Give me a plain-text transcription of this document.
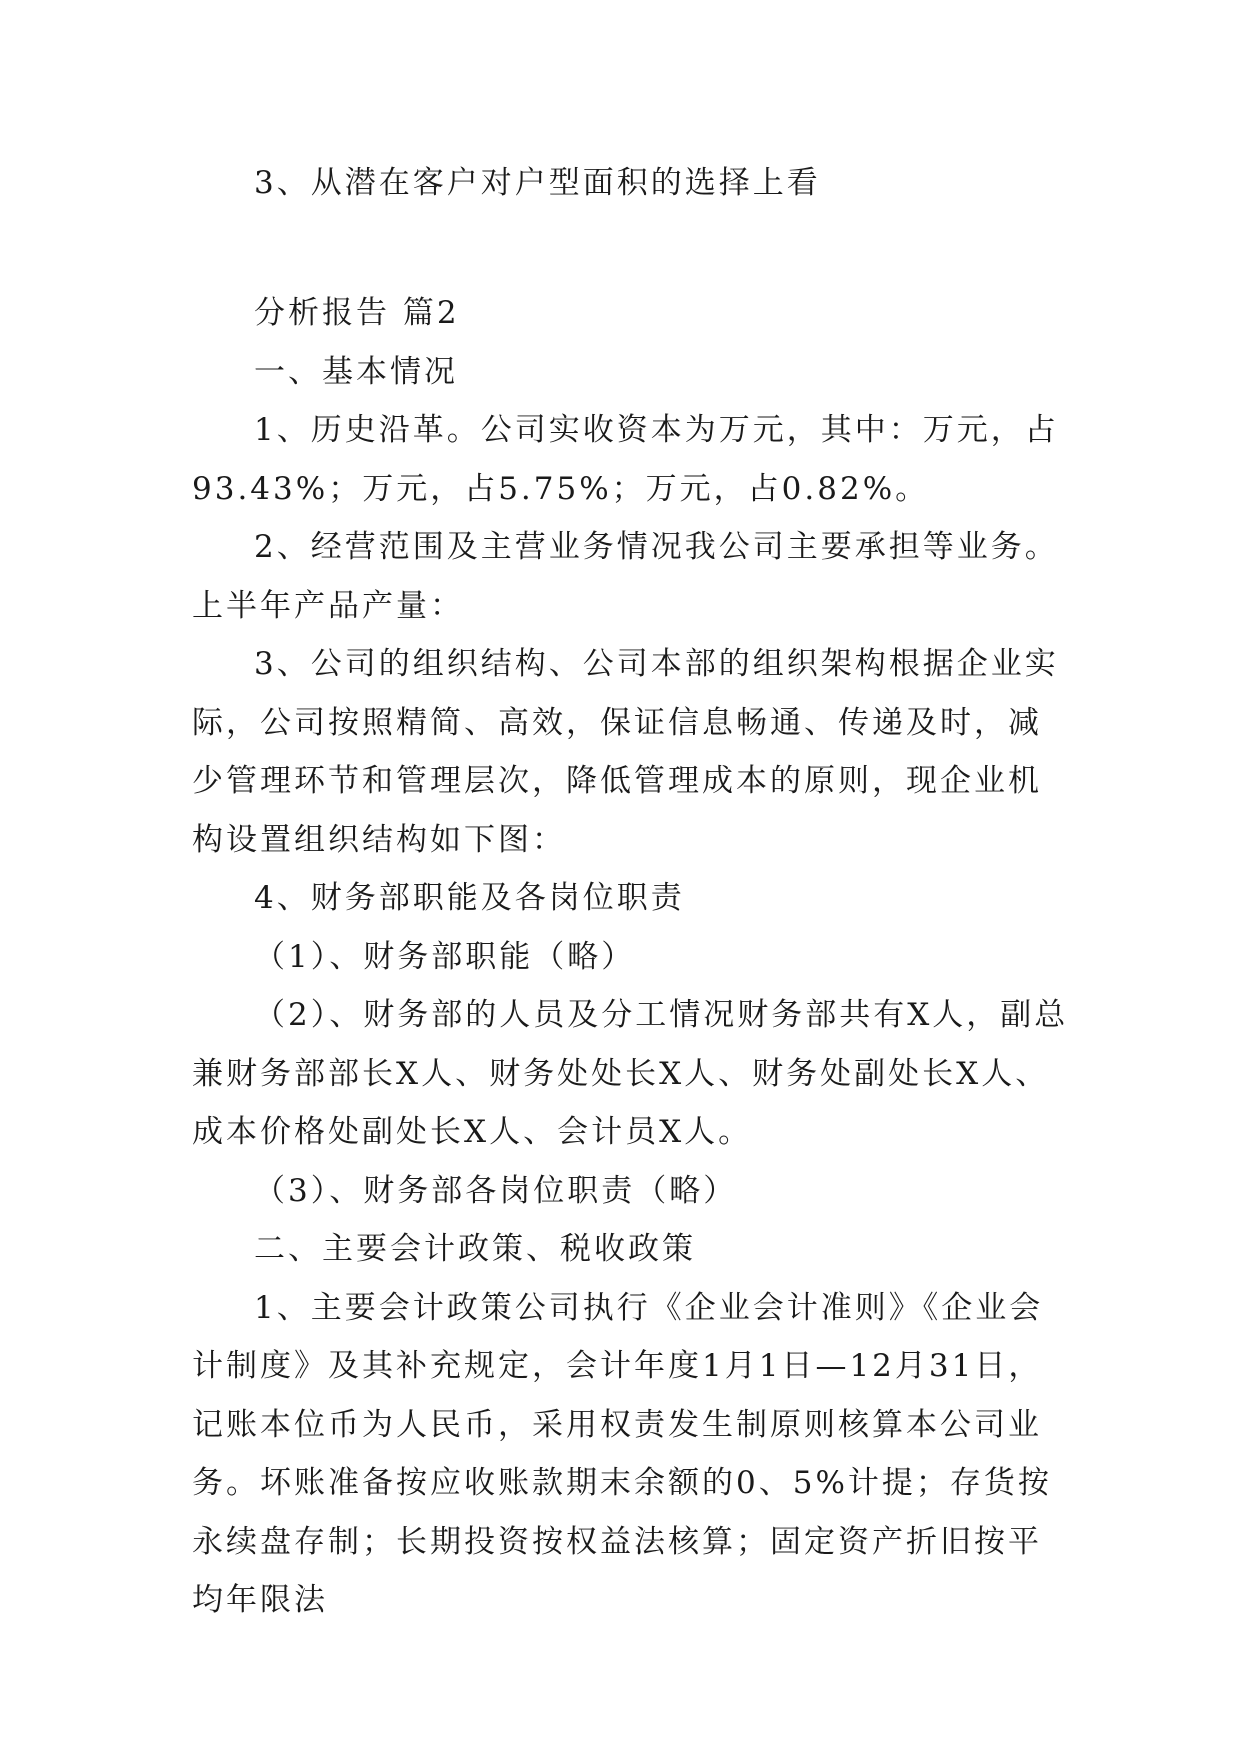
3、从潜在客户对户型面积的选择上看

分析报告 篇2

一、基本情况

1、历史沿革。公司实收资本为万元，其中：万元，占93.43%；万元，占5.75%；万元，占0.82%。

2、经营范围及主营业务情况我公司主要承担等业务。上半年产品产量：

3、公司的组织结构、公司本部的组织架构根据企业实际，公司按照精简、高效，保证信息畅通、传递及时，减少管理环节和管理层次，降低管理成本的原则，现企业机构设置组织结构如下图：

4、财务部职能及各岗位职责

（1）、财务部职能（略）

（2）、财务部的人员及分工情况财务部共有X人，副总兼财务部部长X人、财务处处长X人、财务处副处长X人、成本价格处副处长X人、会计员X人。

（3）、财务部各岗位职责（略）

二、主要会计政策、税收政策

1、主要会计政策公司执行《企业会计准则》《企业会计制度》及其补充规定，会计年度1月1日—12月31日，记账本位币为人民币，采用权责发生制原则核算本公司业务。坏账准备按应收账款期末余额的0、5%计提；存货按永续盘存制；长期投资按权益法核算；固定资产折旧按平均年限法
